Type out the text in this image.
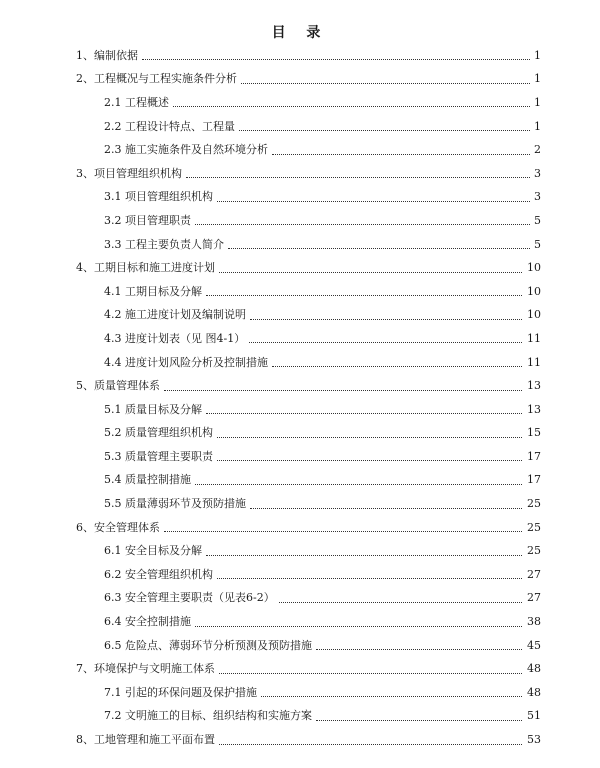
目 录
1、编制依据	1
2、工程概况与工程实施条件分析	1
2.1 工程概述	1
2.2 工程设计特点、工程量	1
2.3 施工实施条件及自然环境分析	2
3、项目管理组织机构	3
3.1 项目管理组织机构	3
3.2 项目管理职责	5
3.3 工程主要负责人简介	5
4、工期目标和施工进度计划	10
4.1 工期目标及分解	10
4.2 施工进度计划及编制说明	10
4.3 进度计划表（见 图4-1）	11
4.4 进度计划风险分析及控制措施	11
5、质量管理体系	13
5.1 质量目标及分解	13
5.2 质量管理组织机构	15
5.3 质量管理主要职责	17
5.4 质量控制措施	17
5.5 质量薄弱环节及预防措施	25
6、安全管理体系	25
6.1 安全目标及分解	25
6.2 安全管理组织机构	27
6.3 安全管理主要职责（见表6-2）	27
6.4 安全控制措施	38
6.5 危险点、薄弱环节分析预测及预防措施	45
7、环境保护与文明施工体系	48
7.1 引起的环保问题及保护措施	48
7.2 文明施工的目标、组织结构和实施方案	51
8、工地管理和施工平面布置	53
